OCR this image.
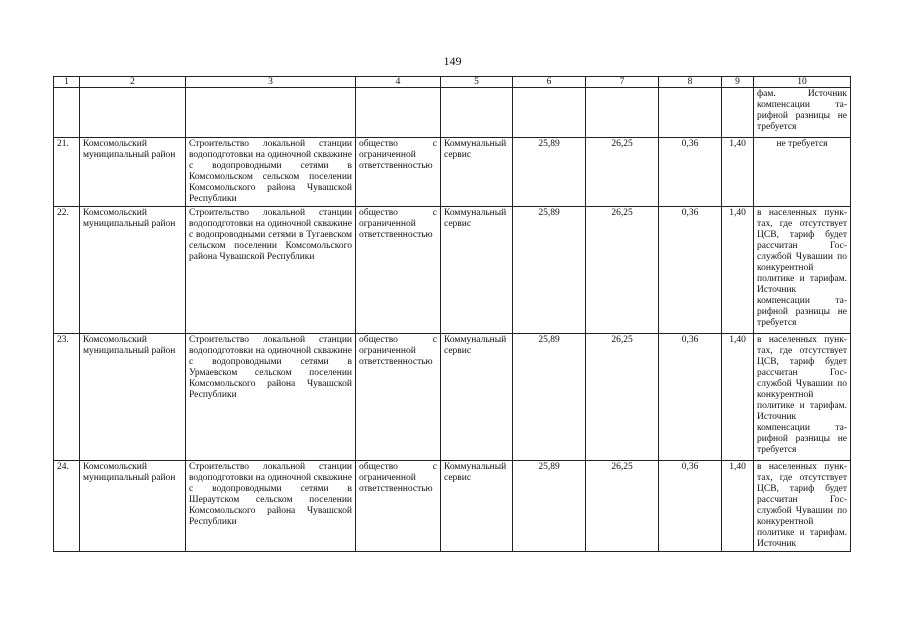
149
1	2	3	4	5	6	7	8	9	10
									фам. Источник компенсации тарифной разницы не требуется
21.	Комсомольский муниципальный район	Строительство локальной станции водоподготовки на одиночной скважине с водопроводными сетями в Комсомольском сельском поселении Комсомольского района Чувашской Республики	общество с ограниченной ответственностью	Коммунальный сервис	25,89	26,25	0,36	1,40	не требуется
22.	Комсомольский муниципальный район	Строительство локальной станции водоподготовки на одиночной скважине с водопроводными сетями в Тугаевском сельском поселении Комсомольского района Чувашской Республики	общество с ограниченной ответственностью	Коммунальный сервис	25,89	26,25	0,36	1,40	в населенных пунктах, где отсутствует ЦСВ, тариф будет рассчитан Госслужбой Чувашии по конкурентной политике и тарифам. Источник компенсации тарифной разницы не требуется
23.	Комсомольский муниципальный район	Строительство локальной станции водоподготовки на одиночной скважине с водопроводными сетями в Урмаевском сельском поселении Комсомольского района Чувашской Республики	общество с ограниченной ответственностью	Коммунальный сервис	25,89	26,25	0,36	1,40	в населенных пунктах, где отсутствует ЦСВ, тариф будет рассчитан Госслужбой Чувашии по конкурентной политике и тарифам. Источник компенсации тарифной разницы не требуется
24.	Комсомольский муниципальный район	Строительство локальной станции водоподготовки на одиночной скважине с водопроводными сетями в Шераутском сельском поселении Комсомольского района Чувашской Республики	общество с ограниченной ответственностью	Коммунальный сервис	25,89	26,25	0,36	1,40	в населенных пунктах, где отсутствует ЦСВ, тариф будет рассчитан Госслужбой Чувашии по конкурентной политике и тарифам. Источник
